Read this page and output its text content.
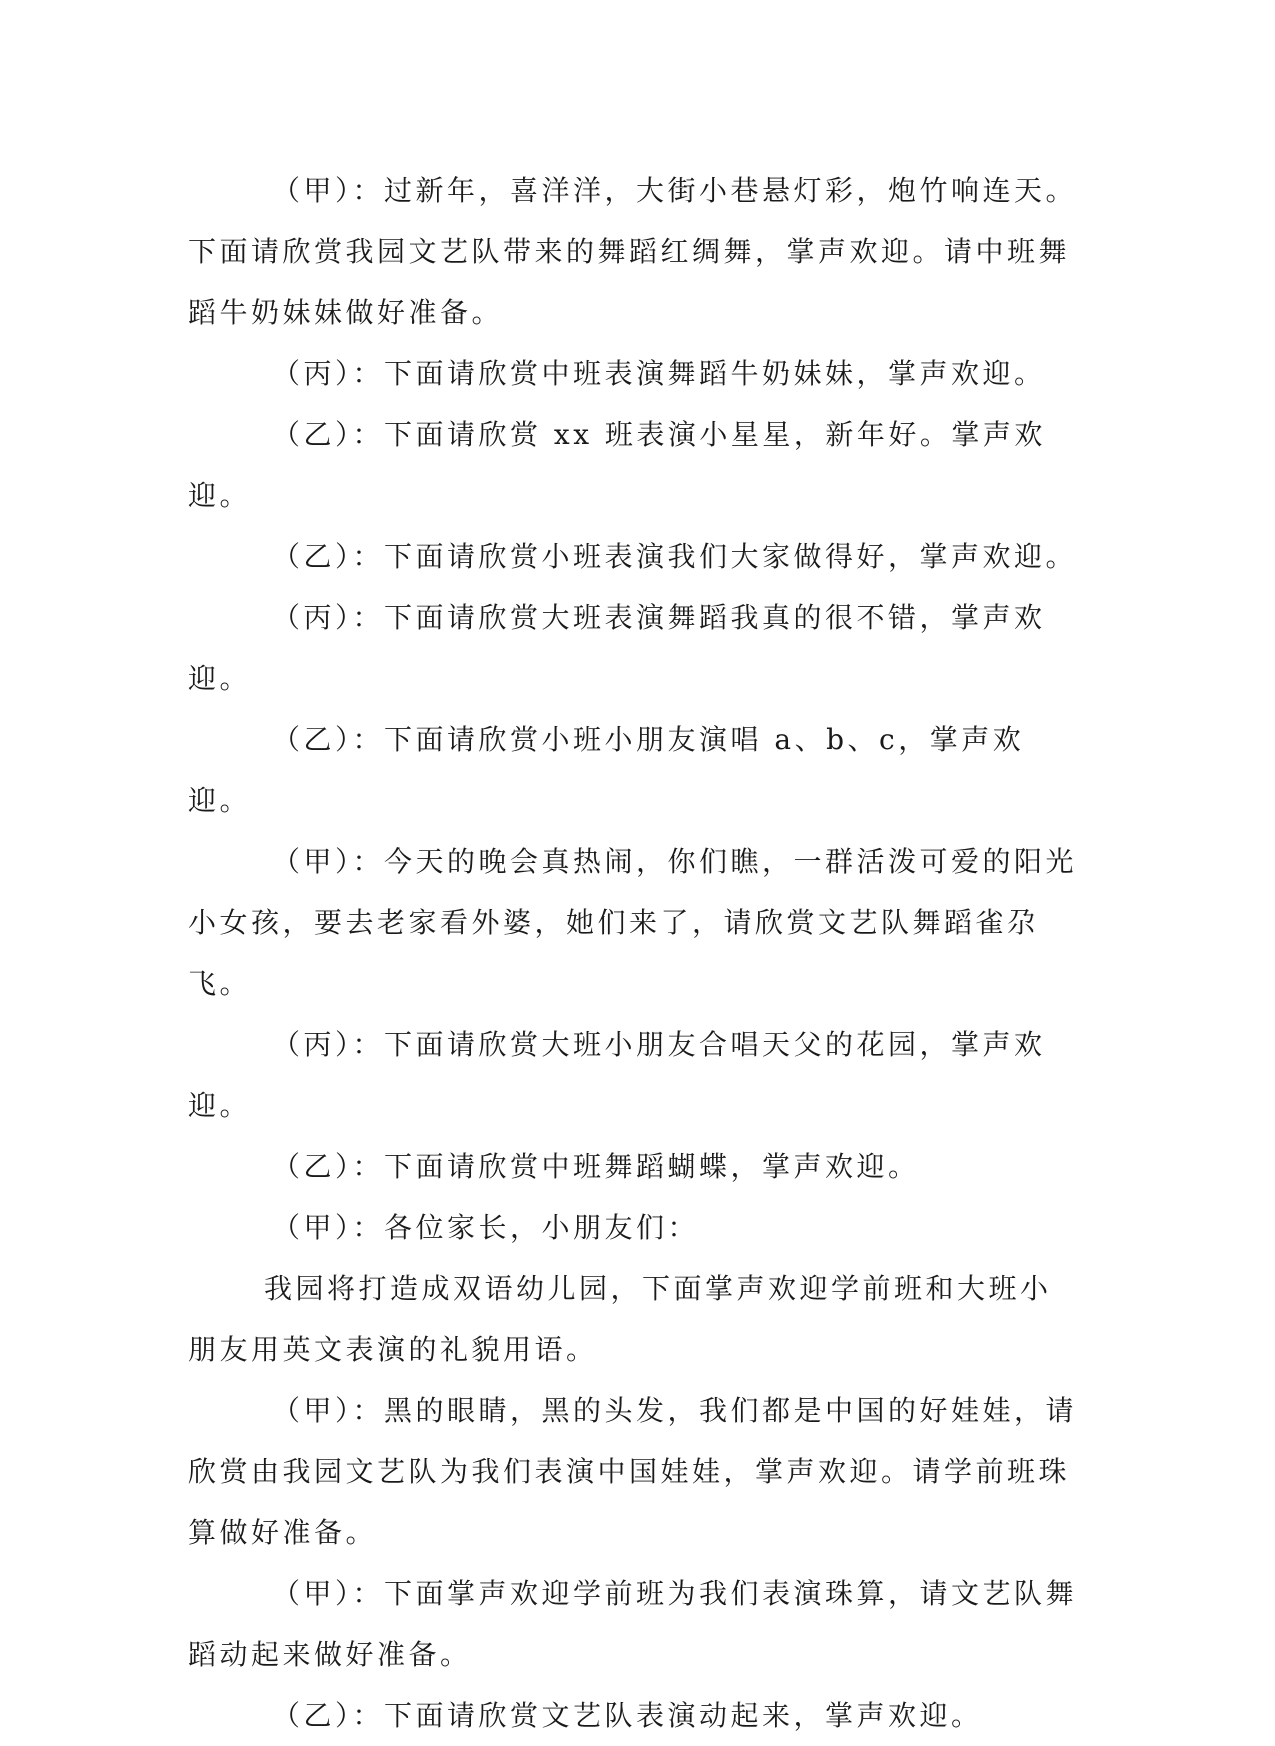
（甲）：过新年，喜洋洋，大街小巷悬灯彩，炮竹响连天。下面请欣赏我园文艺队带来的舞蹈红绸舞，掌声欢迎。请中班舞蹈牛奶妹妹做好准备。

（丙）：下面请欣赏中班表演舞蹈牛奶妹妹，掌声欢迎。

（乙）：下面请欣赏 xx 班表演小星星，新年好。掌声欢迎。

（乙）：下面请欣赏小班表演我们大家做得好，掌声欢迎。

（丙）：下面请欣赏大班表演舞蹈我真的很不错，掌声欢迎。

（乙）：下面请欣赏小班小朋友演唱 a、b、c，掌声欢迎。

（甲）：今天的晚会真热闹，你们瞧，一群活泼可爱的阳光小女孩，要去老家看外婆，她们来了，请欣赏文艺队舞蹈雀尕飞。

（丙）：下面请欣赏大班小朋友合唱天父的花园，掌声欢迎。

（乙）：下面请欣赏中班舞蹈蝴蝶，掌声欢迎。

（甲）：各位家长，小朋友们：

我园将打造成双语幼儿园，下面掌声欢迎学前班和大班小朋友用英文表演的礼貌用语。

（甲）：黑的眼睛，黑的头发，我们都是中国的好娃娃，请欣赏由我园文艺队为我们表演中国娃娃，掌声欢迎。请学前班珠算做好准备。

（甲）：下面掌声欢迎学前班为我们表演珠算，请文艺队舞蹈动起来做好准备。

（乙）：下面请欣赏文艺队表演动起来，掌声欢迎。
